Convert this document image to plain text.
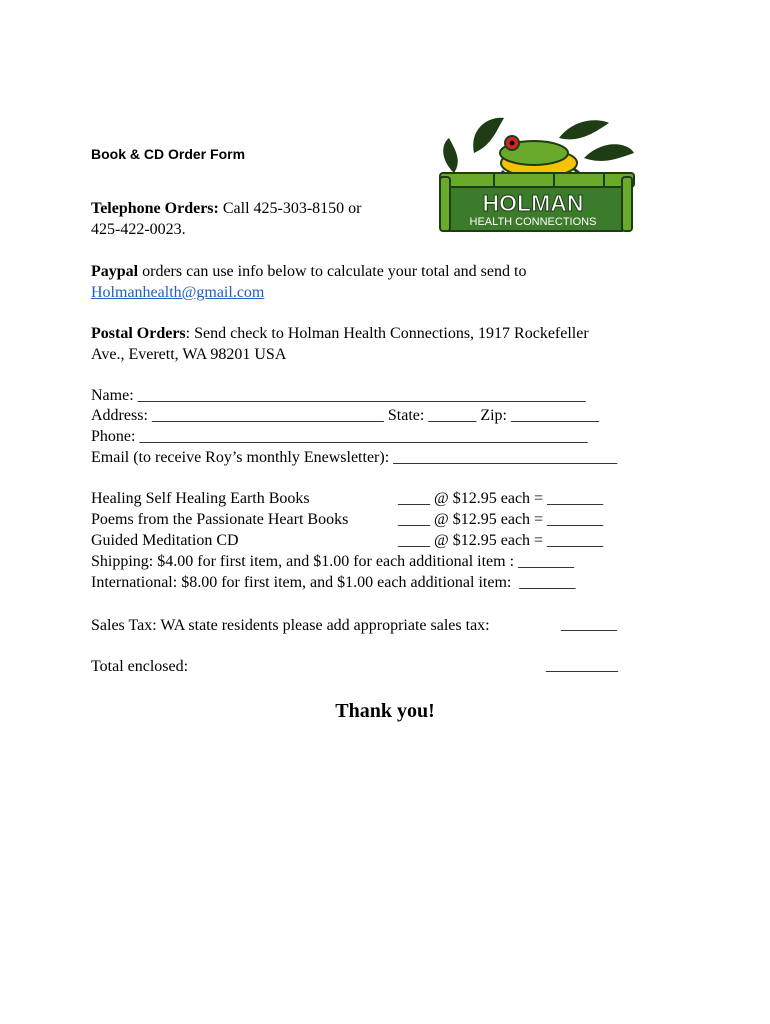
Book & CD Order Form
HOLMAN
HEALTH CONNECTIONS
Telephone Orders: Call 425-303-8150 or
425-422-0023.
Paypal orders can use info below to calculate your total and send to
Holmanhealth@gmail.com
Postal Orders: Send check to Holman Health Connections, 1917 Rockefeller
Ave., Everett, WA 98201 USA
Name: ________________________________________________________
Address: _____________________________ State: ______ Zip: ___________
Phone: ________________________________________________________
Email (to receive Roy’s monthly Enewsletter): ____________________________
Healing Self Healing Earth Books	____ @ $12.95 each = _______
Poems from the Passionate Heart Books	____ @ $12.95 each = _______
Guided Meditation CD	____ @ $12.95 each = _______
Shipping: $4.00 for first item, and $1.00 for each additional item : _______
International: $8.00 for first item, and $1.00 each additional item:  _______
Sales Tax: WA state residents please add appropriate sales tax:	_______
Total enclosed:	_________
Thank you!
